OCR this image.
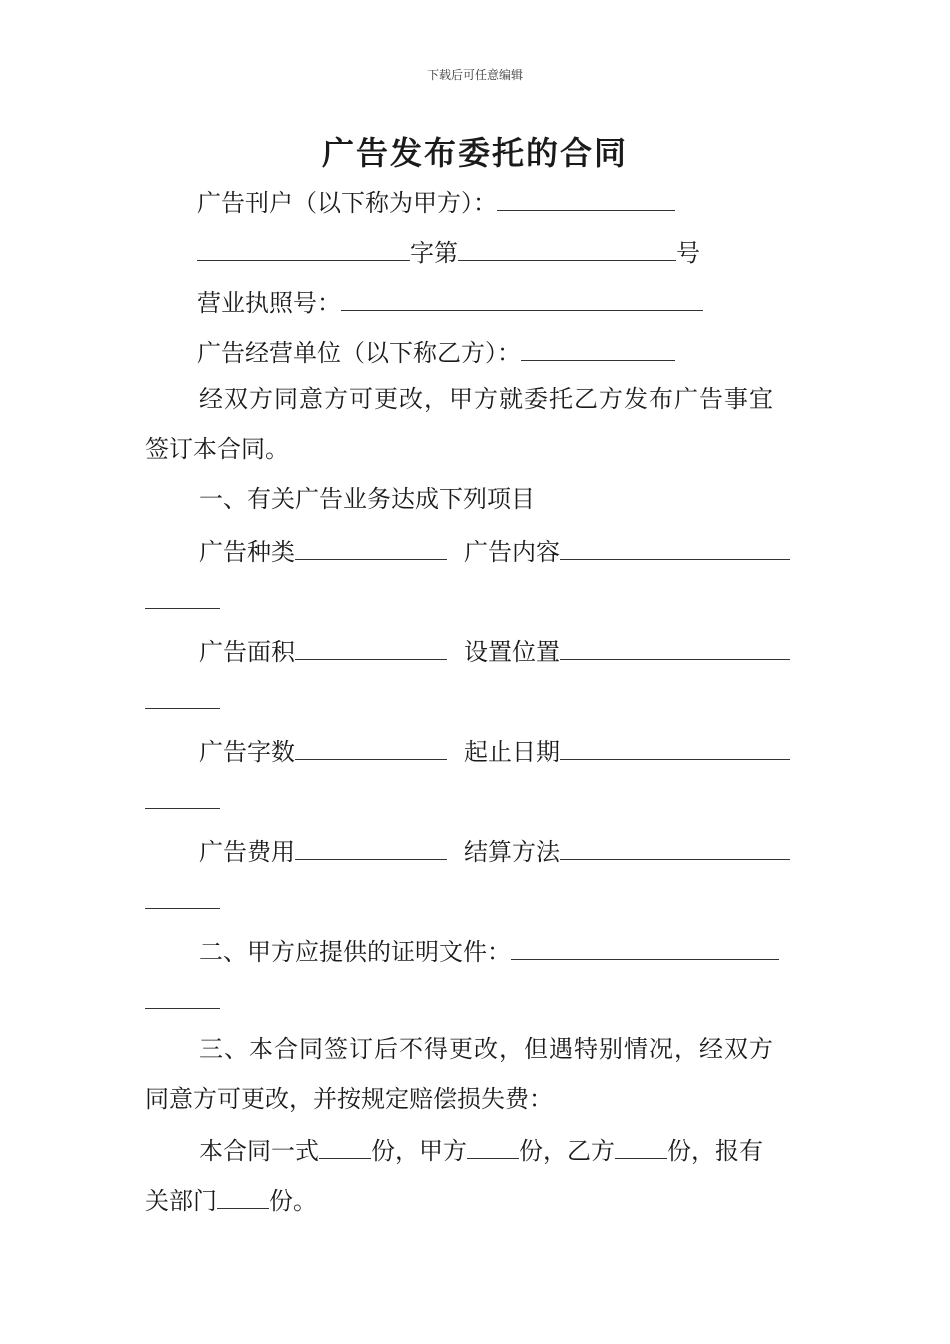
下载后可任意编辑
广告发布委托的合同
广告刊户（以下称为甲方）：
字第	号
营业执照号：
广告经营单位（以下称乙方）：
经双方同意方可更改，甲方就委托乙方发布广告事宜
签订本合同。
一、有关广告业务达成下列项目
广告种类	广告内容
广告面积	设置位置
广告字数	起止日期
广告费用	结算方法
二、甲方应提供的证明文件：
三、本合同签订后不得更改，但遇特别情况，经双方
同意方可更改，并按规定赔偿损失费：
本合同一式 份，甲方 份，乙方 份，报有
关部门 份。
